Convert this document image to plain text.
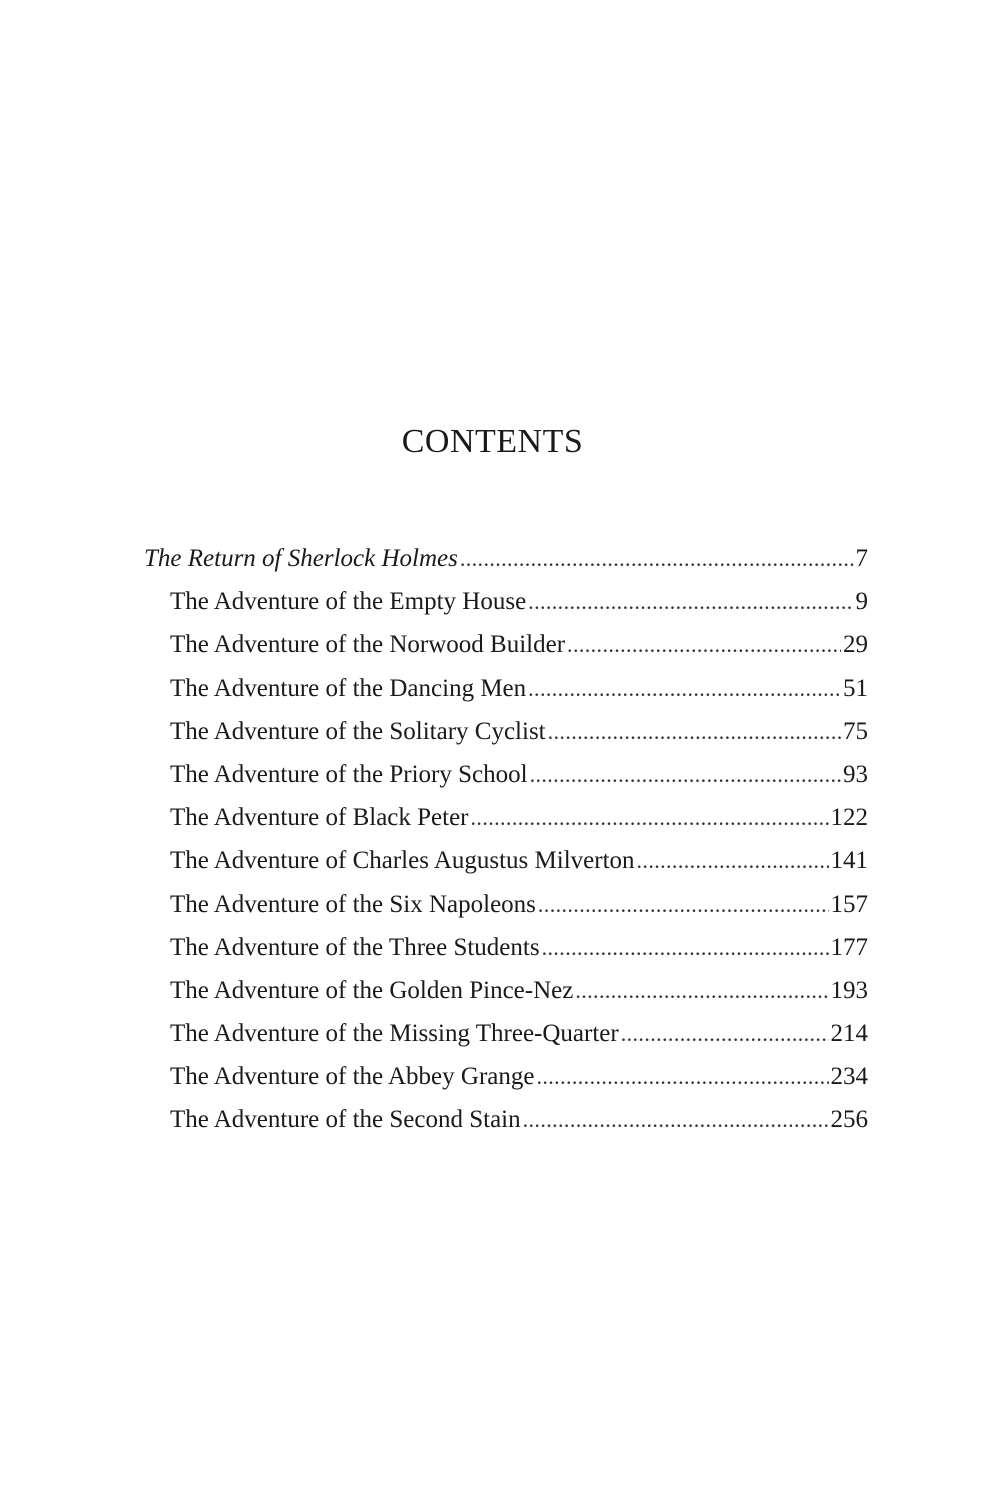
CONTENTS
The Return of Sherlock Holmes .....	7
The Adventure of the Empty House .....	9
The Adventure of the Norwood Builder .....	29
The Adventure of the Dancing Men .....	51
The Adventure of the Solitary Cyclist .....	75
The Adventure of the Priory School .....	93
The Adventure of Black Peter .....	122
The Adventure of Charles Augustus Milverton .....	141
The Adventure of the Six Napoleons .....	157
The Adventure of the Three Students .....	177
The Adventure of the Golden Pince-Nez .....	193
The Adventure of the Missing Three-Quarter .....	214
The Adventure of the Abbey Grange .....	234
The Adventure of the Second Stain .....	256
